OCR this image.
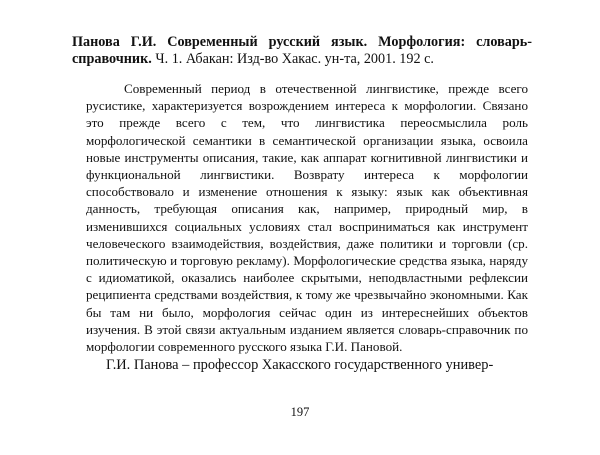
Панова Г.И. Современный русский язык. Морфология: словарь-справочник. Ч. 1. Абакан: Изд-во Хакас. ун-та, 2001. 192 с.

Современный период в отечественной лингвистике, прежде всего русистике, характеризуется возрождением интереса к морфологии. Связано это прежде всего с тем, что лингвистика переосмыслила роль морфологической семантики в семантической организации языка, освоила новые инструменты описания, такие, как аппарат когнитивной лингвистики и функциональной лингвистики. Возврату интереса к морфологии способствовало и изменение отношения к языку: язык как объективная данность, требующая описания как, например, природный мир, в изменившихся социальных условиях стал восприниматься как инструмент человеческого взаимодействия, воздействия, даже политики и торговли (ср. политическую и торговую рекламу). Морфологические средства языка, наряду с идиоматикой, оказались наиболее скрытыми, неподвластными рефлексии реципиента средствами воздействия, к тому же чрезвычайно экономными. Как бы там ни было, морфология сейчас один из интереснейших объектов изучения. В этой связи актуальным изданием является словарь-справочник по морфологии современного русского языка Г.И. Пановой.

Г.И. Панова – профессор Хакасского государственного универ-

197
